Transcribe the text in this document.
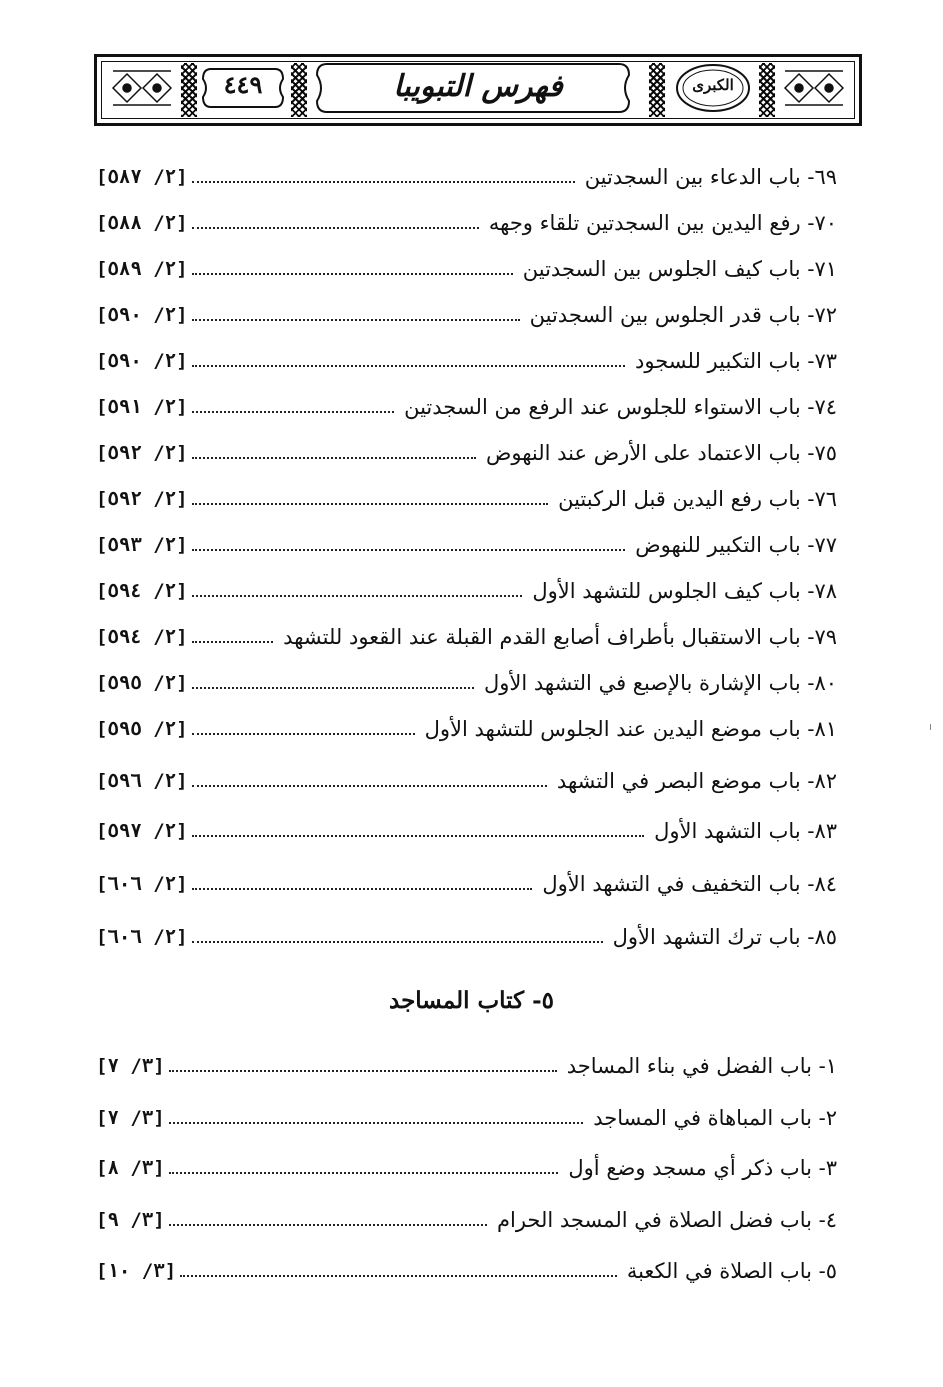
٤٤٩	فهرس التبويبا	الكبرى
٦٩- باب الدعاء بين السجدتين
[٢/ ٥٨٧]
٧٠- رفع اليدين بين السجدتين تلقاء وجهه
[٢/ ٥٨٨]
٧١- باب كيف الجلوس بين السجدتين
[٢/ ٥٨٩]
٧٢- باب قدر الجلوس بين السجدتين
[٢/ ٥٩٠]
٧٣- باب التكبير للسجود
[٢/ ٥٩٠]
٧٤- باب الاستواء للجلوس عند الرفع من السجدتين
[٢/ ٥٩١]
٧٥- باب الاعتماد على الأرض عند النهوض
[٢/ ٥٩٢]
٧٦- باب رفع اليدين قبل الركبتين
[٢/ ٥٩٢]
٧٧- باب التكبير للنهوض
[٢/ ٥٩٣]
٧٨- باب كيف الجلوس للتشهد الأول
[٢/ ٥٩٤]
٧٩- باب الاستقبال بأطراف أصابع القدم القبلة عند القعود للتشهد
[٢/ ٥٩٤]
٨٠- باب الإشارة بالإصبع في التشهد الأول
[٢/ ٥٩٥]
٨١- باب موضع اليدين عند الجلوس للتشهد الأول
[٢/ ٥٩٥]
٨٢- باب موضع البصر في التشهد
[٢/ ٥٩٦]
٨٣- باب التشهد الأول
[٢/ ٥٩٧]
٨٤- باب التخفيف في التشهد الأول
[٢/ ٦٠٦]
٨٥- باب ترك التشهد الأول
[٢/ ٦٠٦]
٥- كتاب المساجد
١- باب الفضل في بناء المساجد
[٣/ ٧]
٢- باب المباهاة في المساجد
[٣/ ٧]
٣- باب ذكر أي مسجد وضع أول
[٣/ ٨]
٤- باب فضل الصلاة في المسجد الحرام
[٣/ ٩]
٥- باب الصلاة في الكعبة
[٣/ ١٠]
